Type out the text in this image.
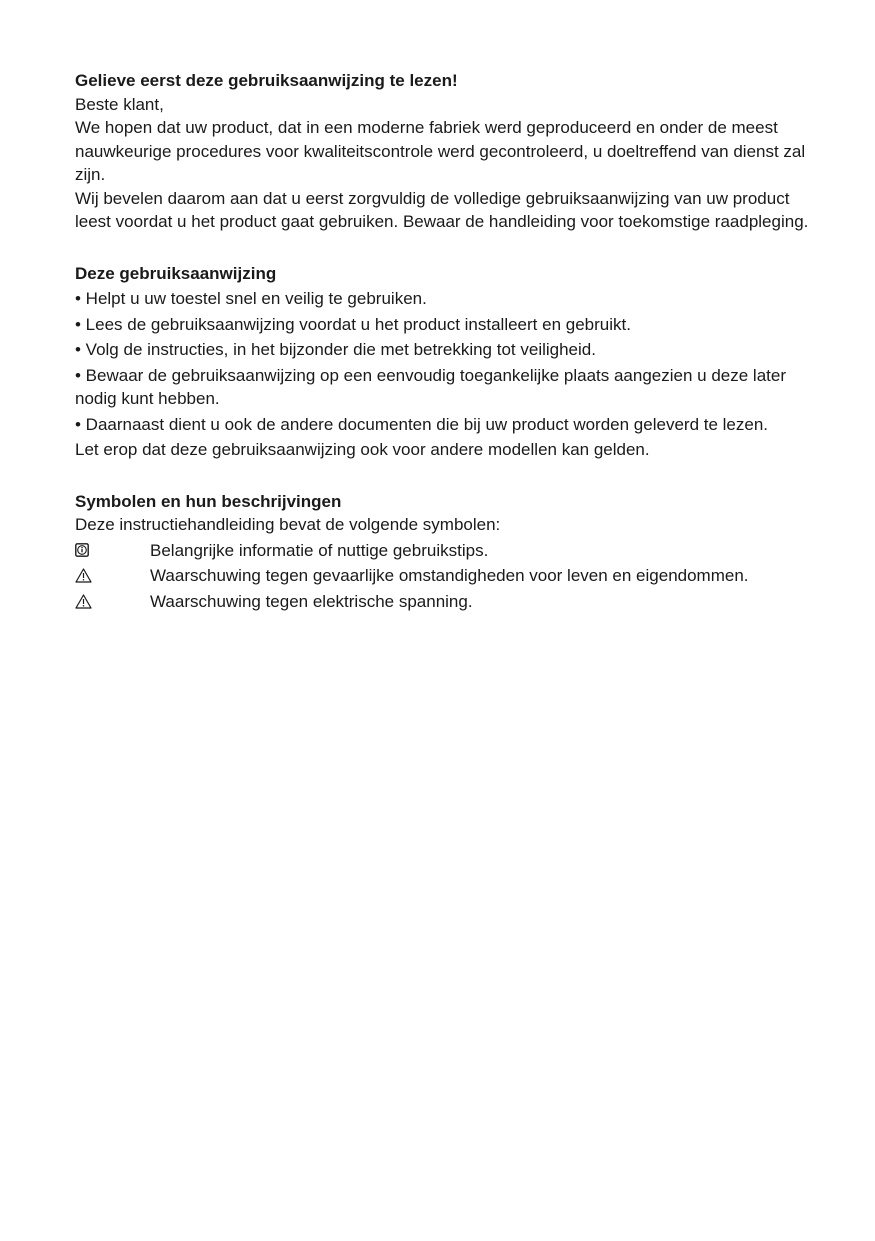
Gelieve eerst deze gebruiksaanwijzing te lezen!

Beste klant,

We hopen dat uw product, dat in een moderne fabriek werd geproduceerd en onder de meest nauwkeurige procedures voor kwaliteitscontrole werd gecontroleerd, u doeltreffend van dienst zal zijn.

Wij bevelen daarom aan dat u eerst zorgvuldig de volledige gebruiksaanwijzing van uw product leest voordat u het product gaat gebruiken. Bewaar de handleiding voor toekomstige raadpleging.

Deze gebruiksaanwijzing

• Helpt u uw toestel snel en veilig te gebruiken.

• Lees de gebruiksaanwijzing voordat u het product installeert en gebruikt.

• Volg de instructies, in het bijzonder die met betrekking tot veiligheid.

• Bewaar de gebruiksaanwijzing op een eenvoudig toegankelijke plaats aangezien u deze later nodig kunt hebben.

• Daarnaast dient u ook de andere documenten die bij uw product worden geleverd te lezen.

Let erop dat deze gebruiksaanwijzing ook voor andere modellen kan gelden.

Symbolen en hun beschrijvingen

Deze instructiehandleiding bevat de volgende symbolen:

Belangrijke informatie of nuttige gebruikstips.
Waarschuwing tegen gevaarlijke omstandigheden voor leven en eigendommen.
Waarschuwing tegen elektrische spanning.
